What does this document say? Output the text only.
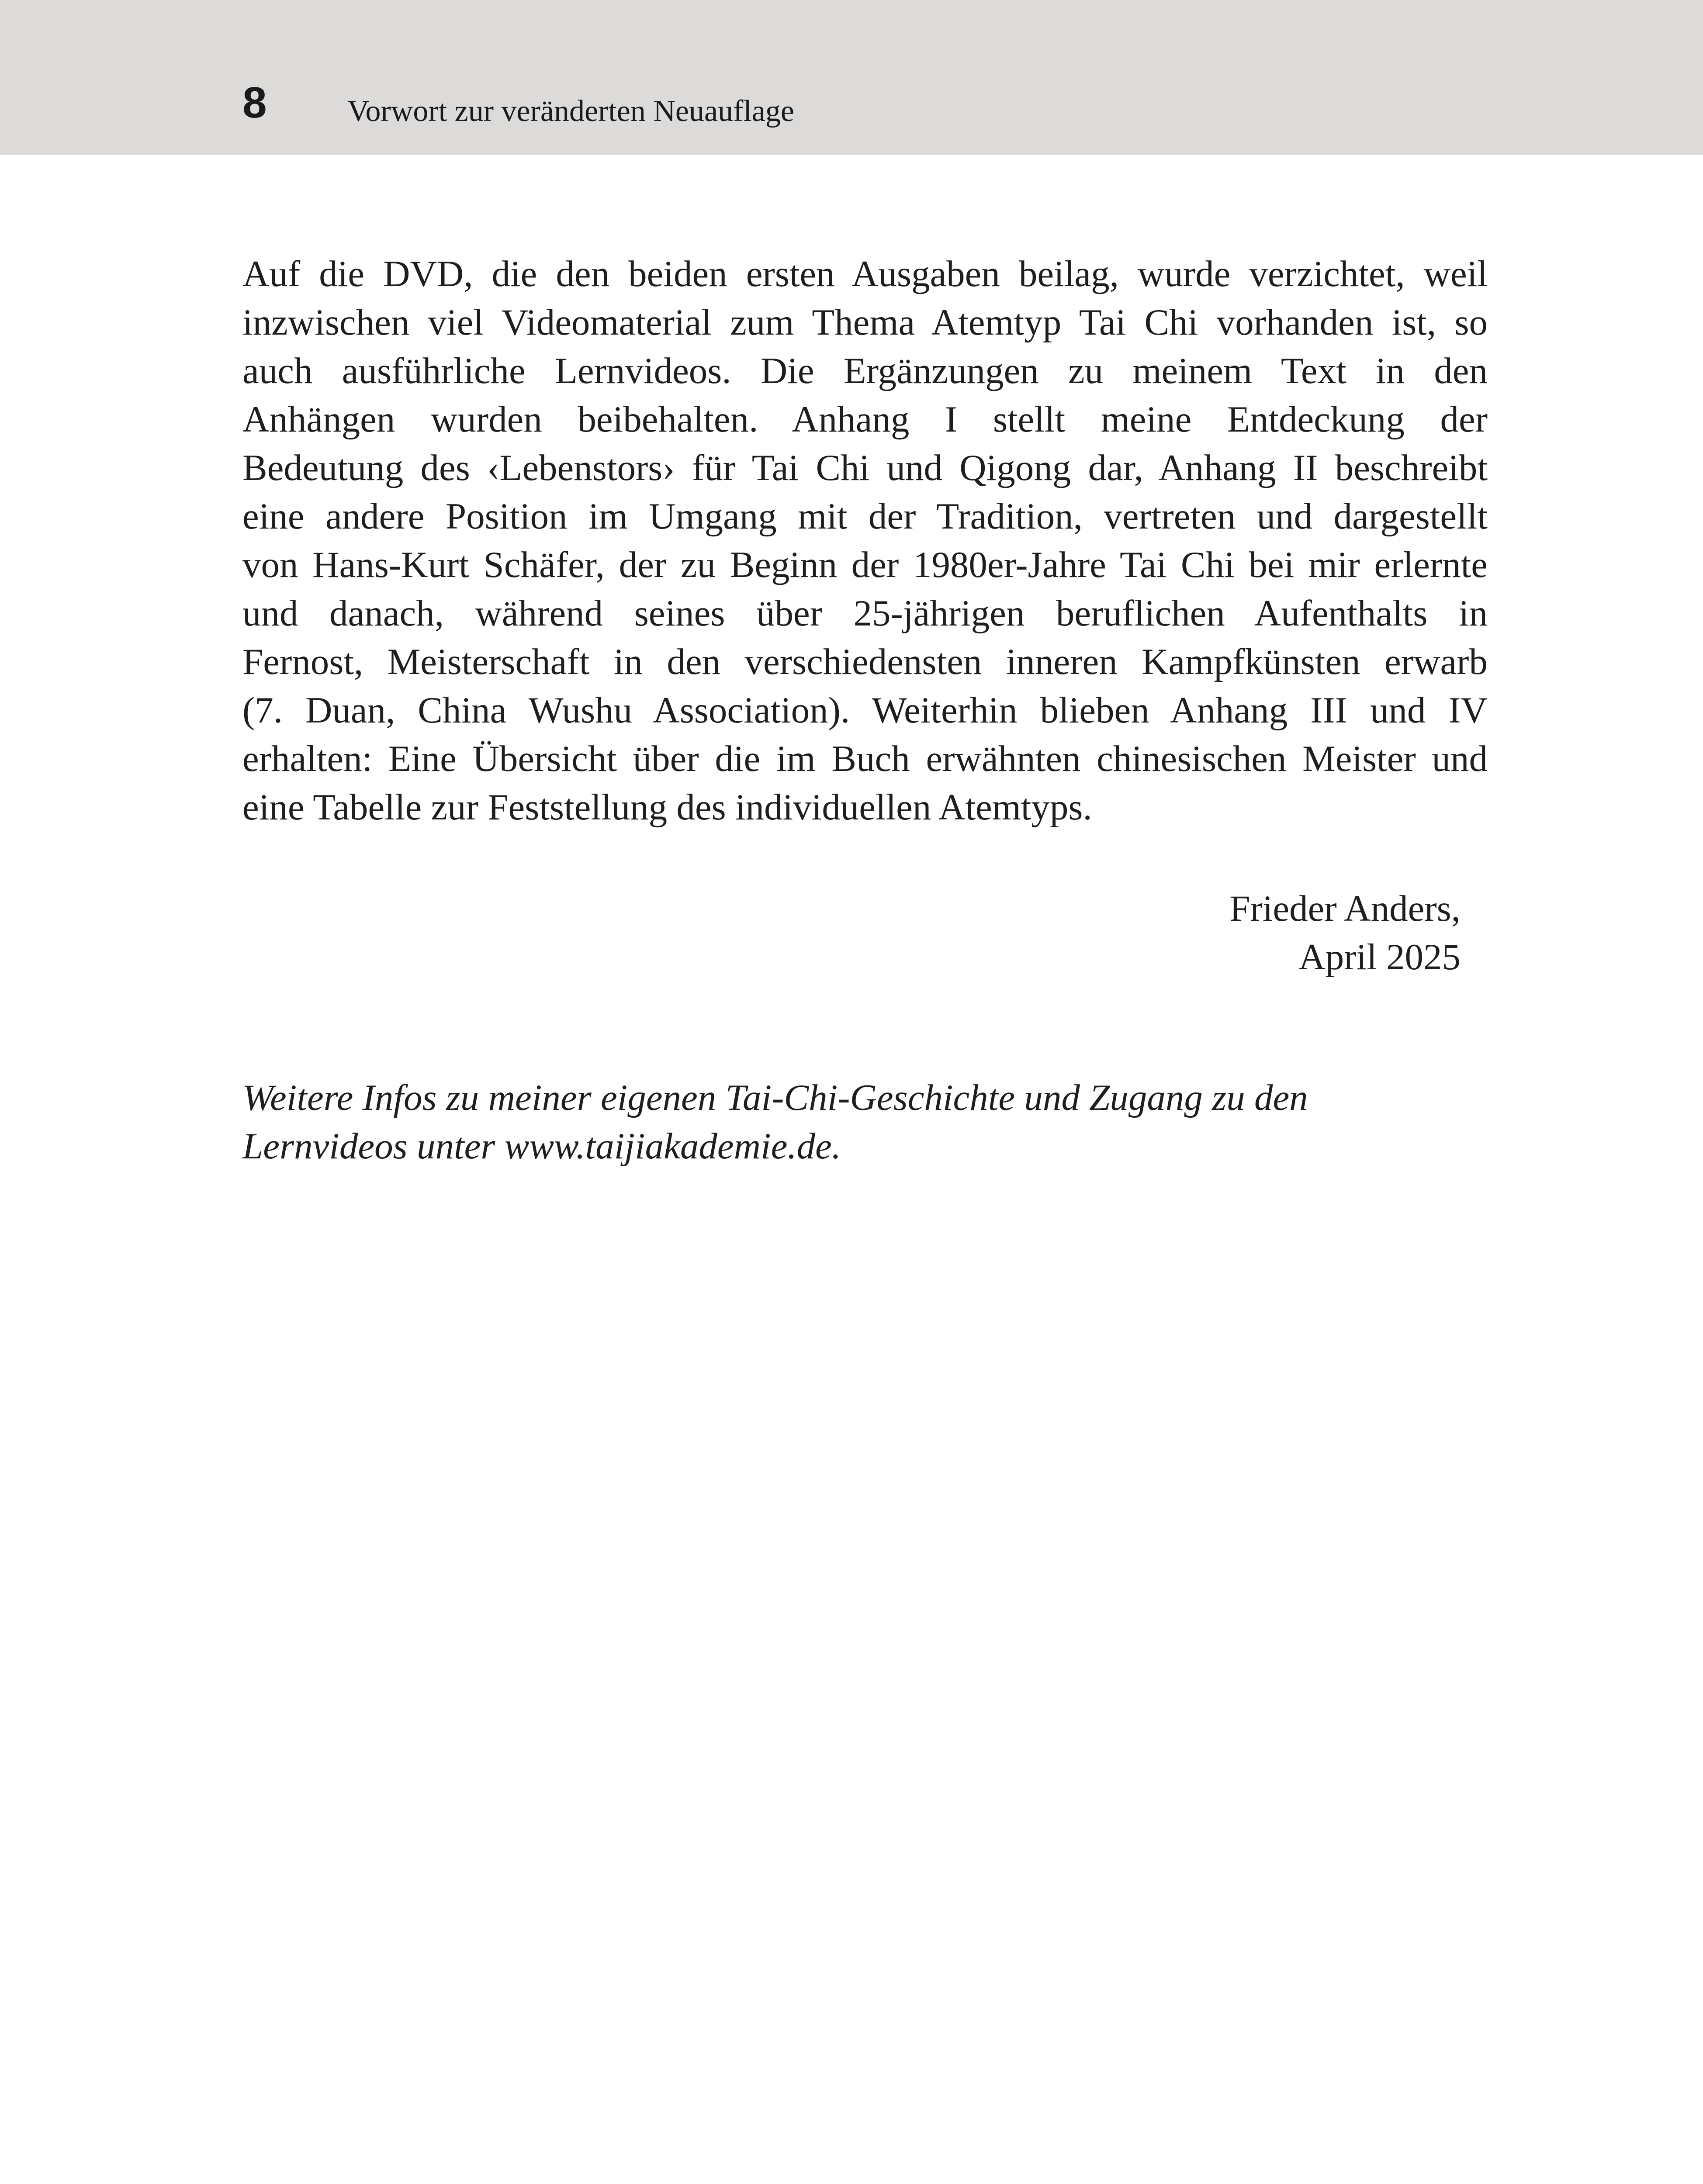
8	Vorwort zur veränderten Neuauflage

Auf die DVD, die den beiden ersten Ausgaben beilag, wurde verzichtet, weil
inzwischen viel Videomaterial zum Thema Atemtyp Tai Chi vorhanden ist, so
auch ausführliche Lernvideos. Die Ergänzungen zu meinem Text in den
Anhängen wurden beibehalten. Anhang I stellt meine Entdeckung der
Bedeutung des ‹Lebenstors› für Tai Chi und Qigong dar, Anhang II beschreibt
eine andere Position im Umgang mit der Tradition, vertreten und dargestellt
von Hans-Kurt Schäfer, der zu Beginn der 1980er-Jahre Tai Chi bei mir erlernte
und danach, während seines über 25-jährigen beruflichen Aufenthalts in
Fernost, Meisterschaft in den verschiedensten inneren Kampfkünsten erwarb
(7. Duan, China Wushu Association). Weiterhin blieben Anhang III und IV
erhalten: Eine Übersicht über die im Buch erwähnten chinesischen Meister und
eine Tabelle zur Feststellung des individuellen Atemtyps.

Frieder Anders,
April 2025
Weitere Infos zu meiner eigenen Tai-Chi-Geschichte und Zugang zu den
Lernvideos unter www.taijiakademie.de.
